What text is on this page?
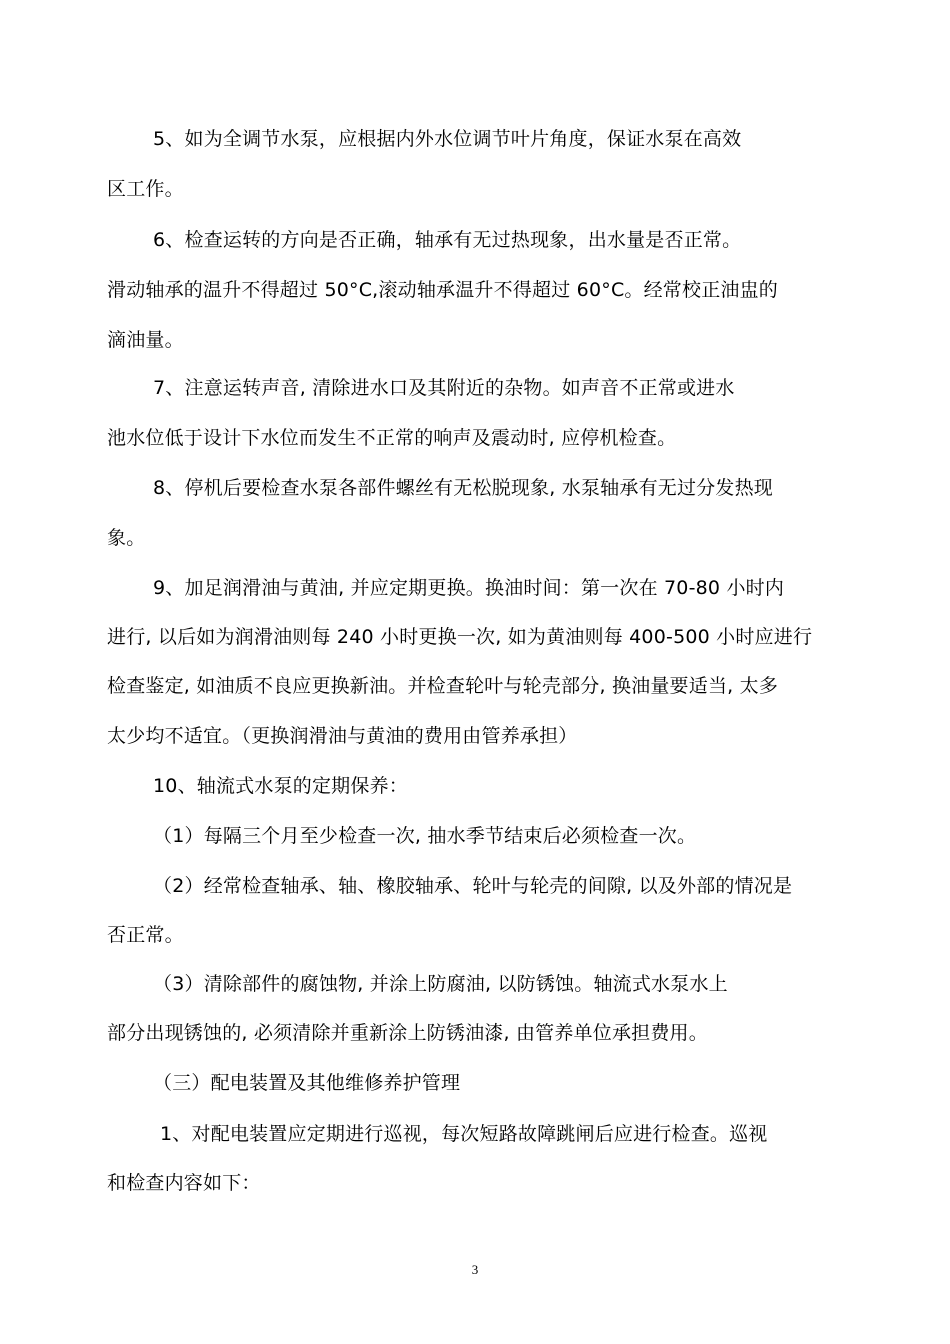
5、如为全调节水泵，应根据内外水位调节叶片角度，保证水泵在高效
区工作。
6、检查运转的方向是否正确，轴承有无过热现象，出水量是否正常。
滑动轴承的温升不得超过 50°C,滚动轴承温升不得超过 60°C。经常校正油盅的
滴油量。
7、注意运转声音, 清除进水口及其附近的杂物。如声音不正常或进水
池水位低于设计下水位而发生不正常的响声及震动时, 应停机检查。
8、停机后要检查水泵各部件螺丝有无松脱现象, 水泵轴承有无过分发热现
象。
9、加足润滑油与黄油, 并应定期更换。换油时间：第一次在 70-80 小时内
进行, 以后如为润滑油则每 240 小时更换一次, 如为黄油则每 400-500 小时应进行
检查鉴定, 如油质不良应更换新油。并检查轮叶与轮壳部分, 换油量要适当, 太多
太少均不适宜。（更换润滑油与黄油的费用由管养承担）
10、轴流式水泵的定期保养：
（1）每隔三个月至少检查一次, 抽水季节结束后必须检查一次。
（2）经常检查轴承、轴、橡胶轴承、轮叶与轮壳的间隙, 以及外部的情况是
否正常。
（3）清除部件的腐蚀物, 并涂上防腐油, 以防锈蚀。轴流式水泵水上
部分出现锈蚀的, 必须清除并重新涂上防锈油漆, 由管养单位承担费用。
（三）配电装置及其他维修养护管理
1、对配电装置应定期进行巡视，每次短路故障跳闸后应进行检查。巡视
和检查内容如下：
3
